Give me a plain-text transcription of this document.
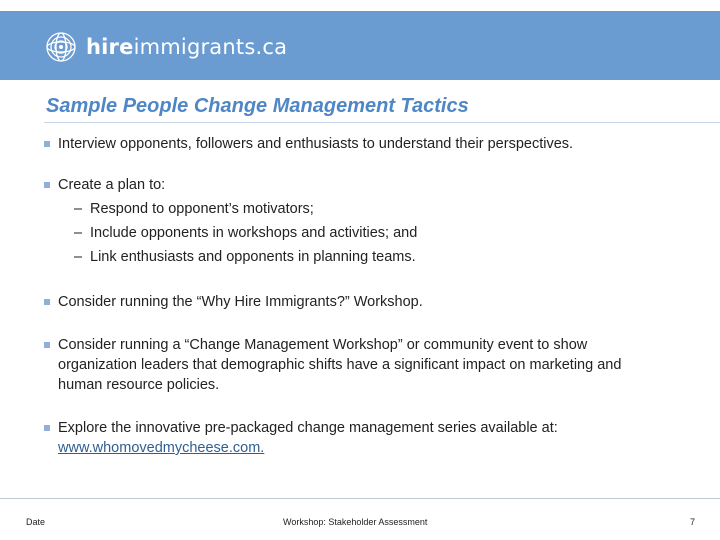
hireimmigrants.ca
Sample People Change Management Tactics
Interview opponents, followers and enthusiasts to understand their perspectives.
Create a plan to:
– Respond to opponent’s motivators;
– Include opponents in workshops and activities; and
– Link enthusiasts and opponents in planning teams.
Consider running the “Why Hire Immigrants?” Workshop.
Consider running a “Change Management Workshop” or community event to show organization leaders that demographic shifts have a significant impact on marketing and human resource policies.
Explore the innovative pre-packaged change management series available at:
www.whomovedmycheese.com.
Date	Workshop: Stakeholder Assessment	7
